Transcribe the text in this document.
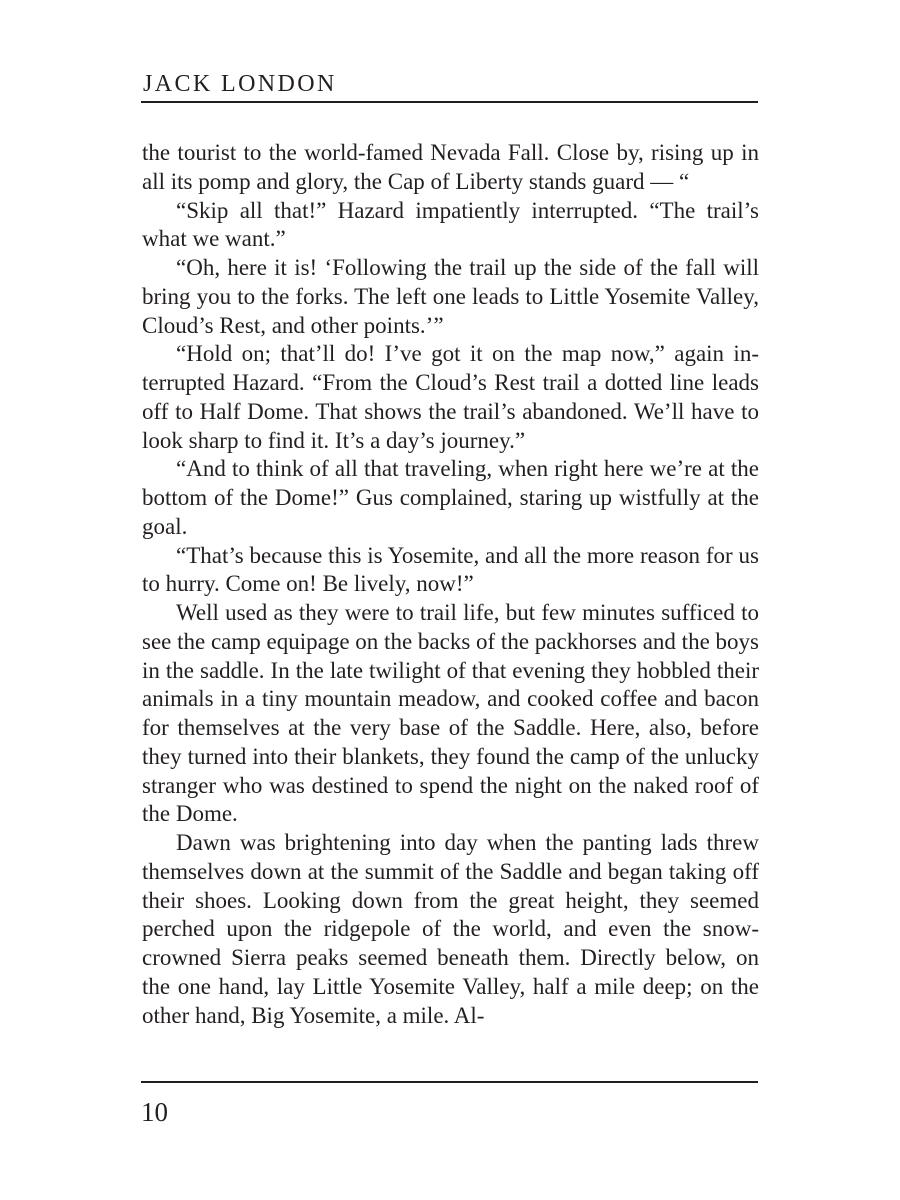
JACK LONDON

the tourist to the world-famed Nevada Fall. Close by, rising up in all its pomp and glory, the Cap of Liberty stands guard — “

“Skip all that!” Hazard impatiently interrupted. “The trail’s what we want.”

“Oh, here it is! ‘Following the trail up the side of the fall will bring you to the forks. The left one leads to Little Yosemite Valley, Cloud’s Rest, and other points.’”

“Hold on; that’ll do! I’ve got it on the map now,” again interrupted Hazard. “From the Cloud’s Rest trail a dotted line leads off to Half Dome. That shows the trail’s abandoned. We’ll have to look sharp to find it. It’s a day’s journey.”

“And to think of all that traveling, when right here we’re at the bottom of the Dome!” Gus complained, staring up wistfully at the goal.

“That’s because this is Yosemite, and all the more reason for us to hurry. Come on! Be lively, now!”

Well used as they were to trail life, but few minutes sufficed to see the camp equipage on the backs of the packhorses and the boys in the saddle. In the late twilight of that evening they hobbled their animals in a tiny mountain meadow, and cooked coffee and bacon for themselves at the very base of the Saddle. Here, also, before they turned into their blankets, they found the camp of the unlucky stranger who was destined to spend the night on the naked roof of the Dome.

Dawn was brightening into day when the panting lads threw themselves down at the summit of the Saddle and began taking off their shoes. Looking down from the great height, they seemed perched upon the ridgepole of the world, and even the snow-crowned Sierra peaks seemed beneath them. Directly below, on the one hand, lay Little Yosemite Valley, half a mile deep; on the other hand, Big Yosemite, a mile. Al-

10
